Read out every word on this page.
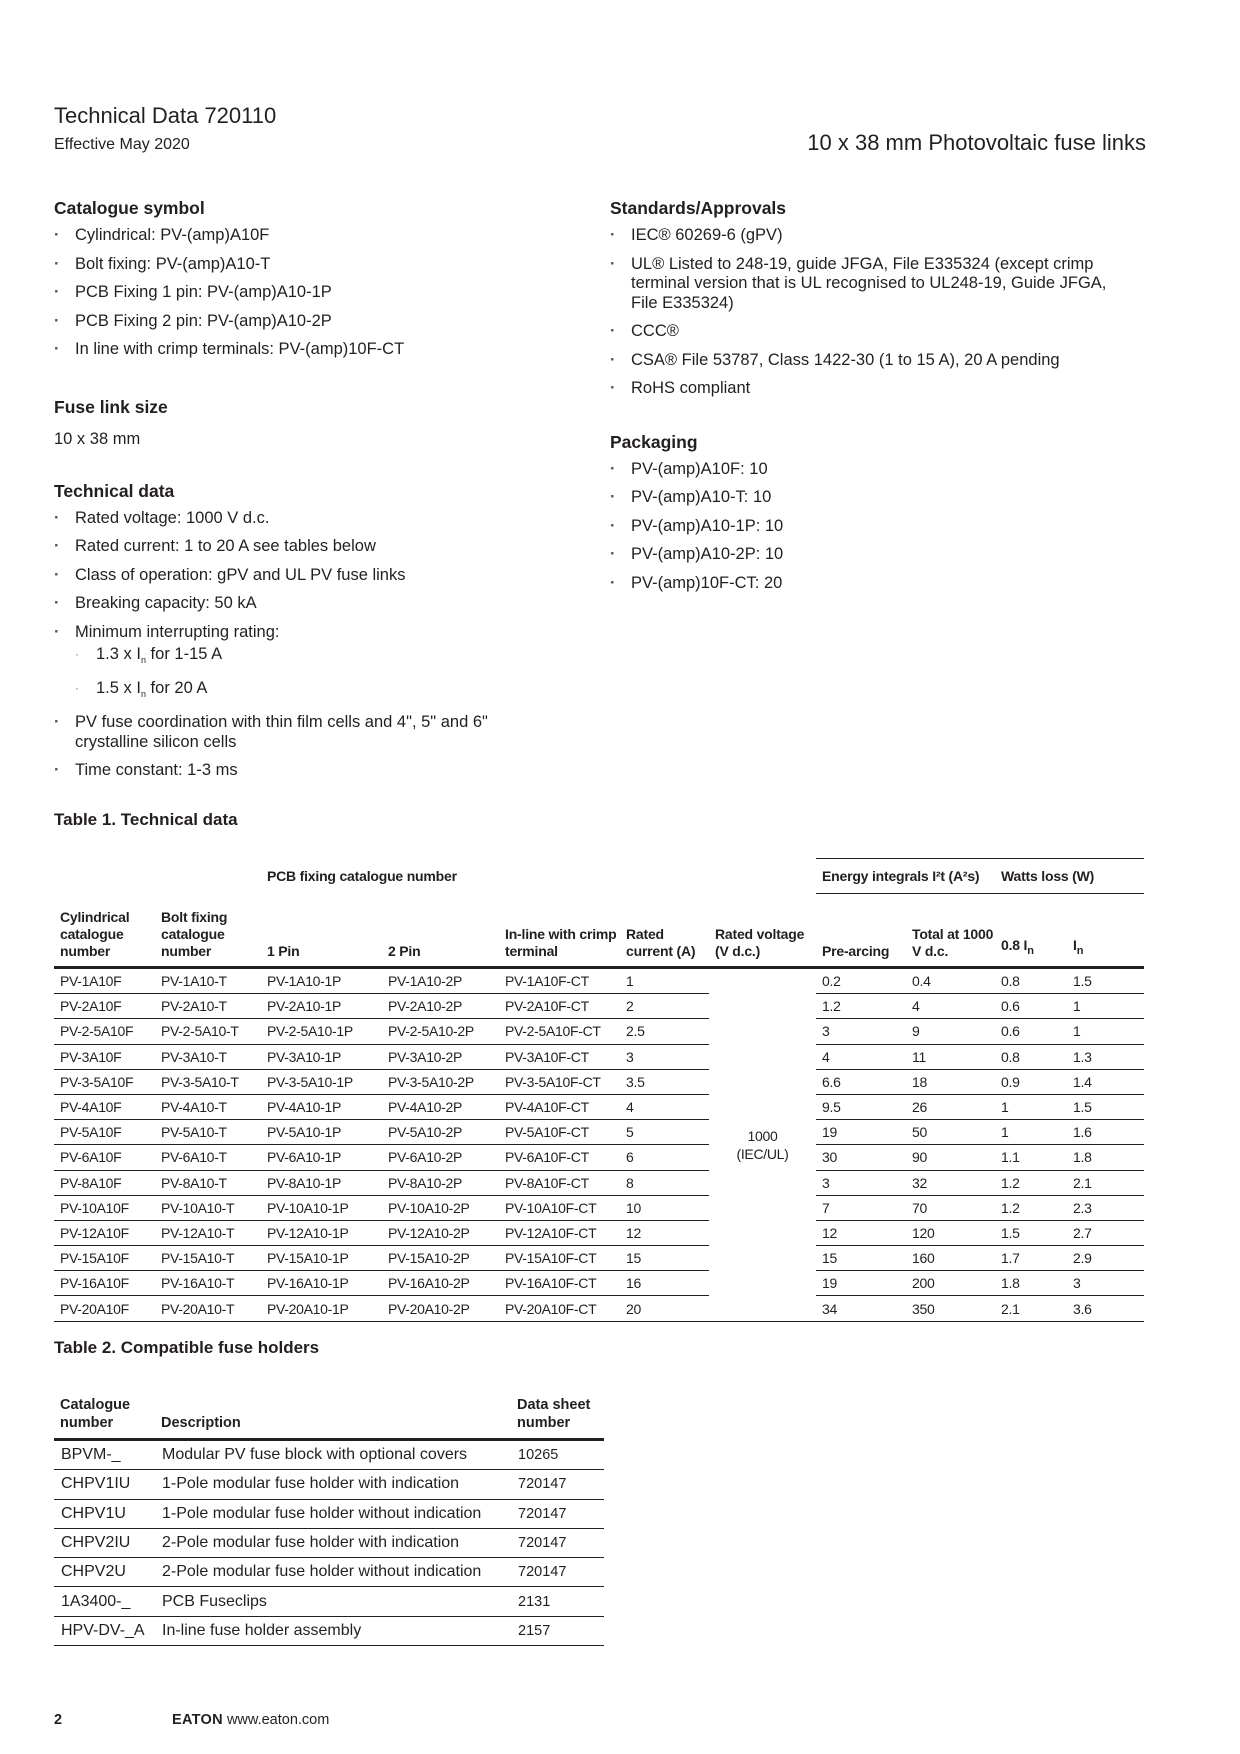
Technical Data 720110
Effective May 2020	10 x 38 mm Photovoltaic fuse links
Catalogue symbol
· Cylindrical: PV-(amp)A10F
· Bolt fixing: PV-(amp)A10-T
· PCB Fixing 1 pin: PV-(amp)A10-1P
· PCB Fixing 2 pin: PV-(amp)A10-2P
· In line with crimp terminals: PV-(amp)10F-CT
Fuse link size

10 x 38 mm

Technical data
· Rated voltage: 1000 V d.c.
· Rated current: 1 to 20 A see tables below
· Class of operation: gPV and UL PV fuse links
· Breaking capacity: 50 kA
· Minimum interrupting rating:
· 1.3 x $I_n$ for 1-15 A
· 1.5 x $I_n$ for 20 A
· PV fuse coordination with thin film cells and 4", 5" and 6" crystalline silicon cells
· Time constant: 1-3 ms
Standards/Approvals
· IEC® 60269-6 (gPV)
· UL® Listed to 248-19, guide JFGA, File E335324 (except crimp terminal version that is UL recognised to UL248-19, Guide JFGA, File E335324)
· CCC®
· CSA® File 53787, Class 1422-30 (1 to 15 A), 20 A pending
· RoHS compliant
Packaging
· PV-(amp)A10F: 10
· PV-(amp)A10-T: 10
· PV-(amp)A10-1P: 10
· PV-(amp)A10-2P: 10
· PV-(amp)10F-CT: 20
Table 1. Technical data
		PCB fixing catalogue number					Energy integrals I²t (A²s)		Watts loss (W)	
Cylindrical catalogue number	Bolt fixing catalogue number	1 Pin	2 Pin	In-line with crimp terminal	Rated current (A)	Rated voltage (V d.c.)	Pre-arcing	Total at 1000 V d.c.	0.8 $I_n$	$I_n$
PV-1A10F	PV-1A10-T	PV-1A10-1P	PV-1A10-2P	PV-1A10F-CT	1	1000 (IEC/UL)	0.2	0.4	0.8	1.5
PV-2A10F	PV-2A10-T	PV-2A10-1P	PV-2A10-2P	PV-2A10F-CT	2		1.2	4	0.6	1
PV-2-5A10F	PV-2-5A10-T	PV-2-5A10-1P	PV-2-5A10-2P	PV-2-5A10F-CT	2.5		3	9	0.6	1
PV-3A10F	PV-3A10-T	PV-3A10-1P	PV-3A10-2P	PV-3A10F-CT	3		4	11	0.8	1.3
PV-3-5A10F	PV-3-5A10-T	PV-3-5A10-1P	PV-3-5A10-2P	PV-3-5A10F-CT	3.5		6.6	18	0.9	1.4
PV-4A10F	PV-4A10-T	PV-4A10-1P	PV-4A10-2P	PV-4A10F-CT	4		9.5	26	1	1.5
PV-5A10F	PV-5A10-T	PV-5A10-1P	PV-5A10-2P	PV-5A10F-CT	5		19	50	1	1.6
PV-6A10F	PV-6A10-T	PV-6A10-1P	PV-6A10-2P	PV-6A10F-CT	6		30	90	1.1	1.8
PV-8A10F	PV-8A10-T	PV-8A10-1P	PV-8A10-2P	PV-8A10F-CT	8		3	32	1.2	2.1
PV-10A10F	PV-10A10-T	PV-10A10-1P	PV-10A10-2P	PV-10A10F-CT	10		7	70	1.2	2.3
PV-12A10F	PV-12A10-T	PV-12A10-1P	PV-12A10-2P	PV-12A10F-CT	12		12	120	1.5	2.7
PV-15A10F	PV-15A10-T	PV-15A10-1P	PV-15A10-2P	PV-15A10F-CT	15		15	160	1.7	2.9
PV-16A10F	PV-16A10-T	PV-16A10-1P	PV-16A10-2P	PV-16A10F-CT	16		19	200	1.8	3
PV-20A10F	PV-20A10-T	PV-20A10-1P	PV-20A10-2P	PV-20A10F-CT	20		34	350	2.1	3.6
Table 2. Compatible fuse holders
Catalogue number	Description	Data sheet number
BPVM-_	Modular PV fuse block with optional covers	10265
CHPV1IU	1-Pole modular fuse holder with indication	720147
CHPV1U	1-Pole modular fuse holder without indication	720147
CHPV2IU	2-Pole modular fuse holder with indication	720147
CHPV2U	2-Pole modular fuse holder without indication	720147
1A3400-_	PCB Fuseclips	2131
HPV-DV-_A	In-line fuse holder assembly	2157
2	EATON www.eaton.com
